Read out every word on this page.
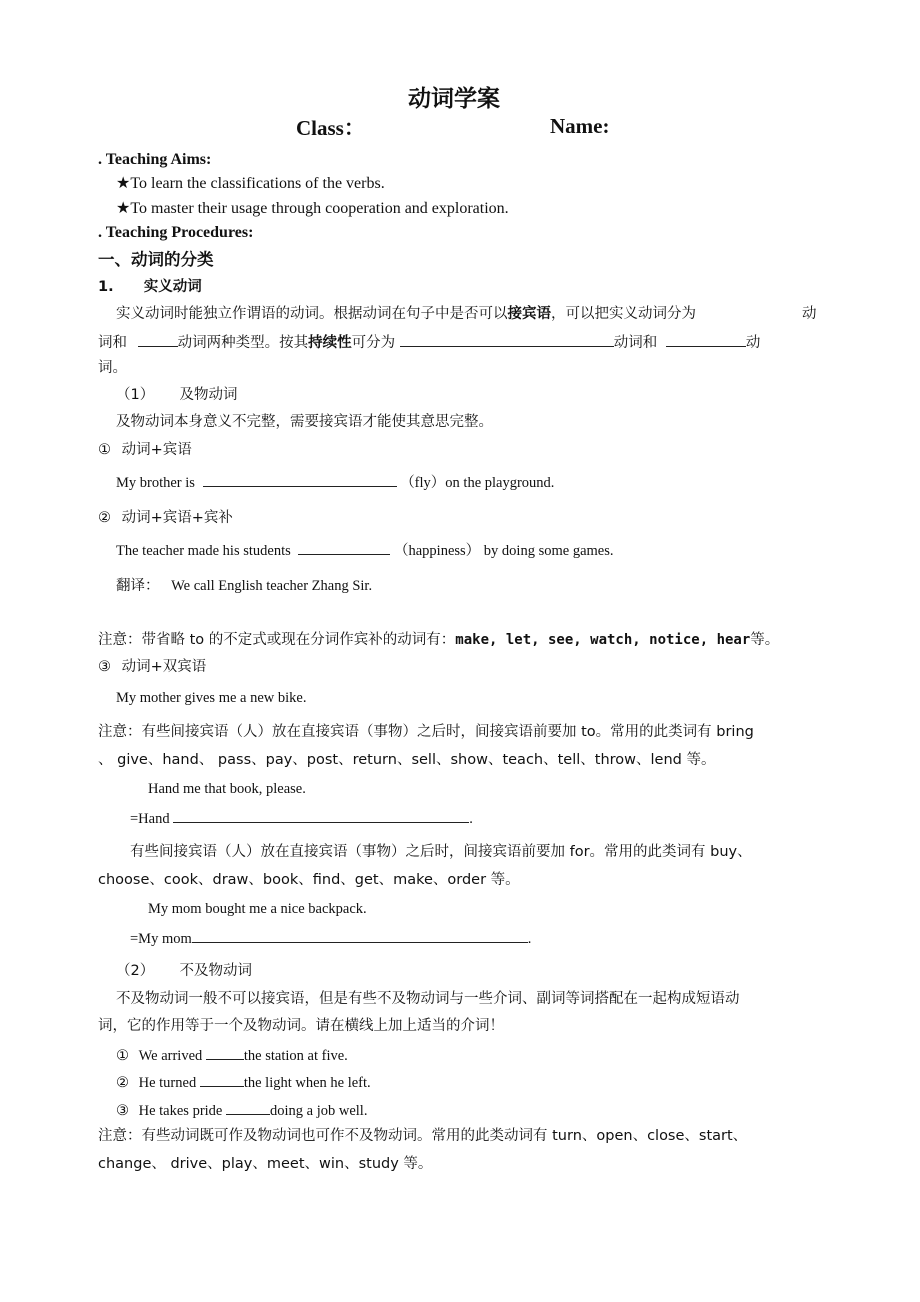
动词学案
Class：	Name:
. Teaching Aims:
★To learn the classifications of the verbs.
★To master their usage through cooperation and exploration.
. Teaching Procedures:
一、动词的分类
1. 实义动词
实义动词时能独立作谓语的动词。根据动词在句子中是否可以接宾语，可以把实义动词分为	动
词和	动词两种类型。按其持续性可分为	动词和	动
词。
（1） 及物动词
及物动词本身意义不完整，需要接宾语才能使其意思完整。
① 动词+宾语
My brother is	（fly）on the playground.
② 动词+宾语+宾补
The teacher made his students	（happiness） by doing some games.
翻译： We call English teacher Zhang Sir.
注意：带省略 to 的不定式或现在分词作宾补的动词有：make, let, see, watch, notice, hear等。
③ 动词+双宾语
My mother gives me a new bike.
注意：有些间接宾语（人）放在直接宾语（事物）之后时，间接宾语前要加 to。常用的此类词有 bring
、 give、hand、 pass、pay、post、return、sell、show、teach、tell、throw、lend 等。
Hand me that book, please.
=Hand	.
有些间接宾语（人）放在直接宾语（事物）之后时，间接宾语前要加 for。常用的此类词有 buy、
choose、cook、draw、book、find、get、make、order 等。
My mom bought me a nice backpack.
=My mom	.
（2） 不及物动词
不及物动词一般不可以接宾语，但是有些不及物动词与一些介词、副词等词搭配在一起构成短语动
词，它的作用等于一个及物动词。请在横线上加上适当的介词！
① We arrived	the station at five.
② He turned	the light when he left.
③ He takes pride	doing a job well.
注意：有些动词既可作及物动词也可作不及物动词。常用的此类动词有 turn、open、close、start、
change、 drive、play、meet、win、study 等。
